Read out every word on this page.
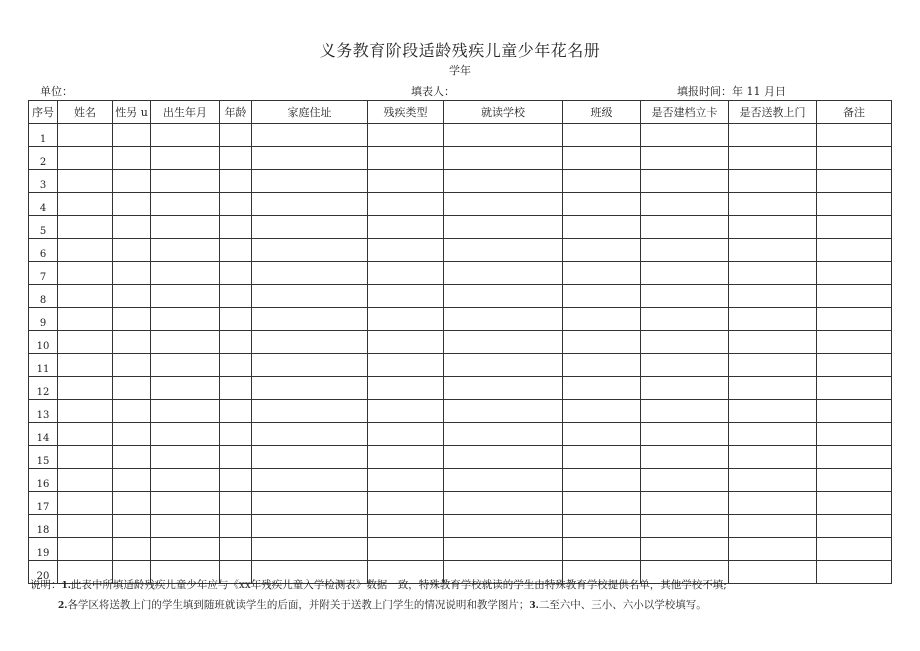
义务教育阶段适龄残疾儿童少年花名册
学年
单位：	填表人：	填报时间：年 11 月日
序号	姓名	性另 u	出生年月	年龄	家庭住址	残疾类型	就读学校	班级	是否建档立卡	是否送教上门	备注
1											
2											
3											
4											
5											
6											
7											
8											
9											
10											
11											
12											
13											
14											
15											
16											
17											
18											
19											
20											
说明：1.此表中所填适龄残疾儿童少年应与《xx年残疾儿童入学检测表》数据一致，特殊教育学校就读的学生由特殊教育学校提供名单，其他学校不填;
2.各学区将送教上门的学生填到随班就读学生的后面，并附关于送教上门学生的情况说明和教学图片；3.二至六中、三小、六小以学校填写。
